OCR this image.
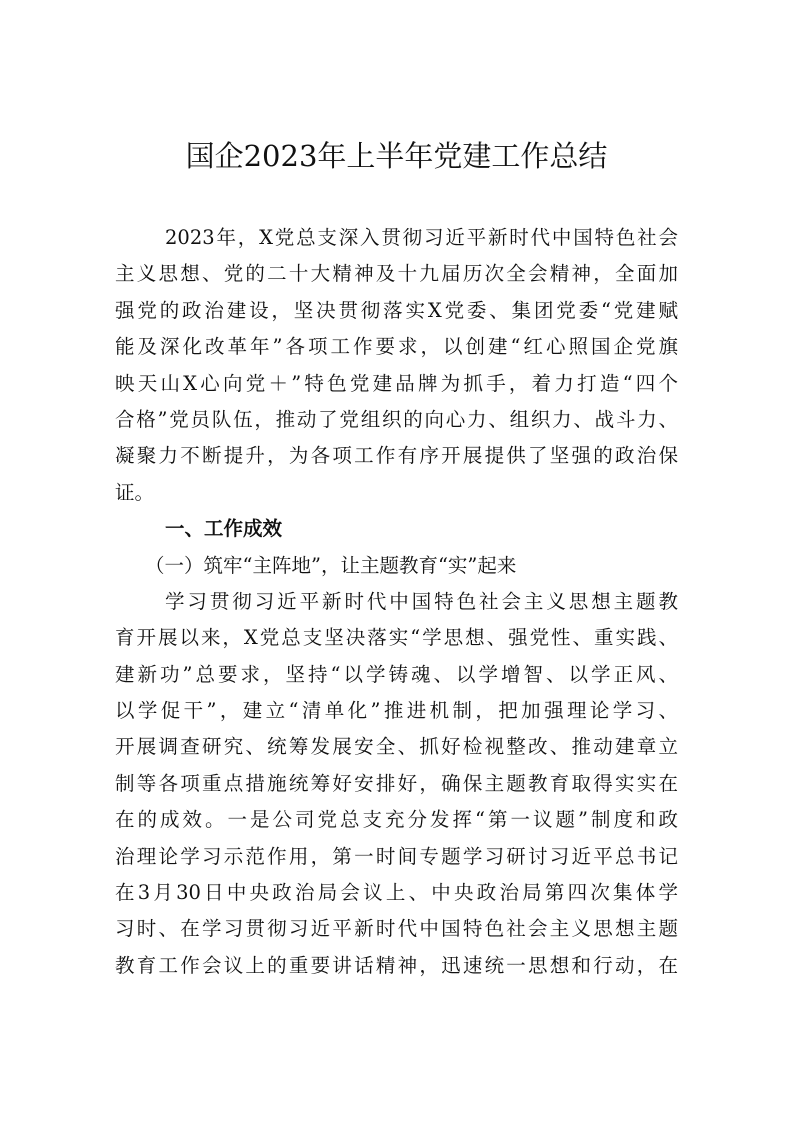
国企2023年上半年党建工作总结
2023年，X党总支深入贯彻习近平新时代中国特色社会
主义思想、党的二十大精神及十九届历次全会精神，全面加
强党的政治建设，坚决贯彻落实X党委、集团党委“党建赋
能及深化改革年”各项工作要求，以创建“红心照国企党旗
映天山X心向党＋”特色党建品牌为抓手，着力打造“四个
合格”党员队伍，推动了党组织的向心力、组织力、战斗力、
凝聚力不断提升，为各项工作有序开展提供了坚强的政治保
证。
一、工作成效
（一）筑牢“主阵地”，让主题教育“实”起来
学习贯彻习近平新时代中国特色社会主义思想主题教
育开展以来，X党总支坚决落实“学思想、强党性、重实践、
建新功”总要求，坚持“以学铸魂、以学增智、以学正风、
以学促干”，建立“清单化”推进机制，把加强理论学习、
开展调查研究、统筹发展安全、抓好检视整改、推动建章立
制等各项重点措施统筹好安排好，确保主题教育取得实实在
在的成效。一是公司党总支充分发挥“第一议题”制度和政
治理论学习示范作用，第一时间专题学习研讨习近平总书记
在3月30日中央政治局会议上、中央政治局第四次集体学
习时、在学习贯彻习近平新时代中国特色社会主义思想主题
教育工作会议上的重要讲话精神，迅速统一思想和行动，在
